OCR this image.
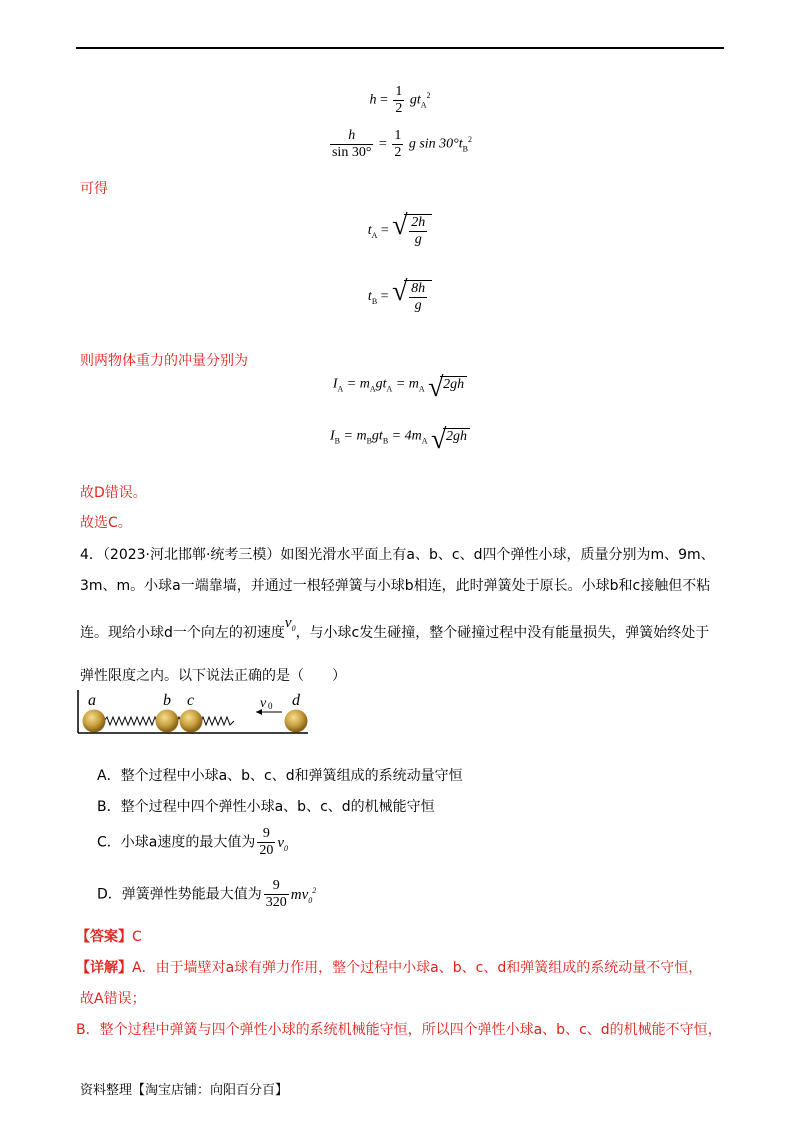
$h = \frac{1}{2} gt_A^2$
$\frac{h}{\sin 30^\circ} = \frac{1}{2}$ g $\sin 30^\circ t_B^2$
可得
$t_A$ = √ $\frac{2h}{g}$
$t_B$ = √ $\frac{8h}{g}$
则两物体重力的冲量分别为
$I_A = m_Agt_A = m_A$ √ 2gh
$I_B = m_Bgt_B = 4m_A$ √ 2gh
故D错误。
故选C。
4．（2023·河北邯郸·统考三模）如图光滑水平面上有a、b、c、d四个弹性小球，质量分别为m、9m、
3m、m。小球a一端靠墙，并通过一根轻弹簧与小球b相连，此时弹簧处于原长。小球b和c接触但不粘
连。现给小球d一个向左的初速度$v_0$，与小球c发生碰撞，整个碰撞过程中没有能量损失，弹簧始终处于
弹性限度之内。以下说法正确的是（　　）
a	b c	d
v 0
A．整个过程中小球a、b、c、d和弹簧组成的系统动量守恒
B．整个过程中四个弹性小球a、b、c、d的机械能守恒
C．小球a速度的最大值为 $\frac{9}{20} v_0$
D．弹簧弹性势能最大值为 $\frac{9}{320} mv_0^2$
【答案】C
【详解】A．由于墙壁对a球有弹力作用，整个过程中小球a、b、c、d和弹簧组成的系统动量不守恒，
故A错误；
B．整个过程中弹簧与四个弹性小球的系统机械能守恒，所以四个弹性小球a、b、c、d的机械能不守恒，
资料整理【淘宝店铺：向阳百分百】
